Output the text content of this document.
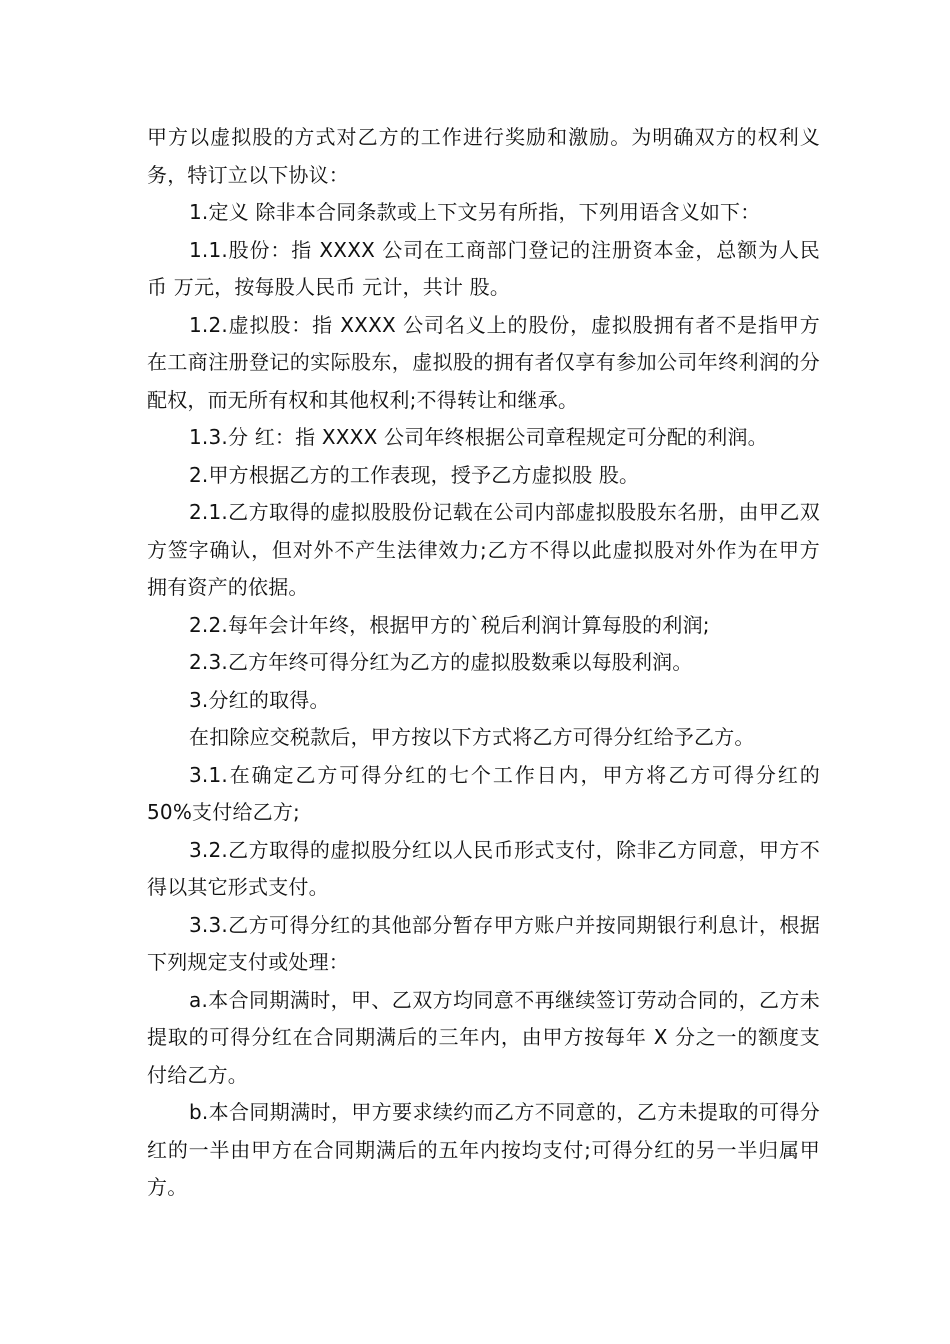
甲方以虚拟股的方式对乙方的工作进行奖励和激励。为明确双方的权利义务，特订立以下协议：

1.定义 除非本合同条款或上下文另有所指，下列用语含义如下：

1.1.股份：指 XXXX 公司在工商部门登记的注册资本金，总额为人民币 万元，按每股人民币 元计，共计 股。

1.2.虚拟股：指 XXXX 公司名义上的股份，虚拟股拥有者不是指甲方在工商注册登记的实际股东，虚拟股的拥有者仅享有参加公司年终利润的分配权，而无所有权和其他权利;不得转让和继承。

1.3.分 红：指 XXXX 公司年终根据公司章程规定可分配的利润。

2.甲方根据乙方的工作表现，授予乙方虚拟股 股。

2.1.乙方取得的虚拟股股份记载在公司内部虚拟股股东名册，由甲乙双方签字确认，但对外不产生法律效力;乙方不得以此虚拟股对外作为在甲方拥有资产的依据。

2.2.每年会计年终，根据甲方的`税后利润计算每股的利润;

2.3.乙方年终可得分红为乙方的虚拟股数乘以每股利润。

3.分红的取得。

在扣除应交税款后，甲方按以下方式将乙方可得分红给予乙方。

3.1.在确定乙方可得分红的七个工作日内，甲方将乙方可得分红的 50%支付给乙方;

3.2.乙方取得的虚拟股分红以人民币形式支付，除非乙方同意，甲方不得以其它形式支付。

3.3.乙方可得分红的其他部分暂存甲方账户并按同期银行利息计，根据下列规定支付或处理：

a.本合同期满时，甲、乙双方均同意不再继续签订劳动合同的，乙方未提取的可得分红在合同期满后的三年内，由甲方按每年 X 分之一的额度支付给乙方。

b.本合同期满时，甲方要求续约而乙方不同意的，乙方未提取的可得分红的一半由甲方在合同期满后的五年内按均支付;可得分红的另一半归属甲方。
